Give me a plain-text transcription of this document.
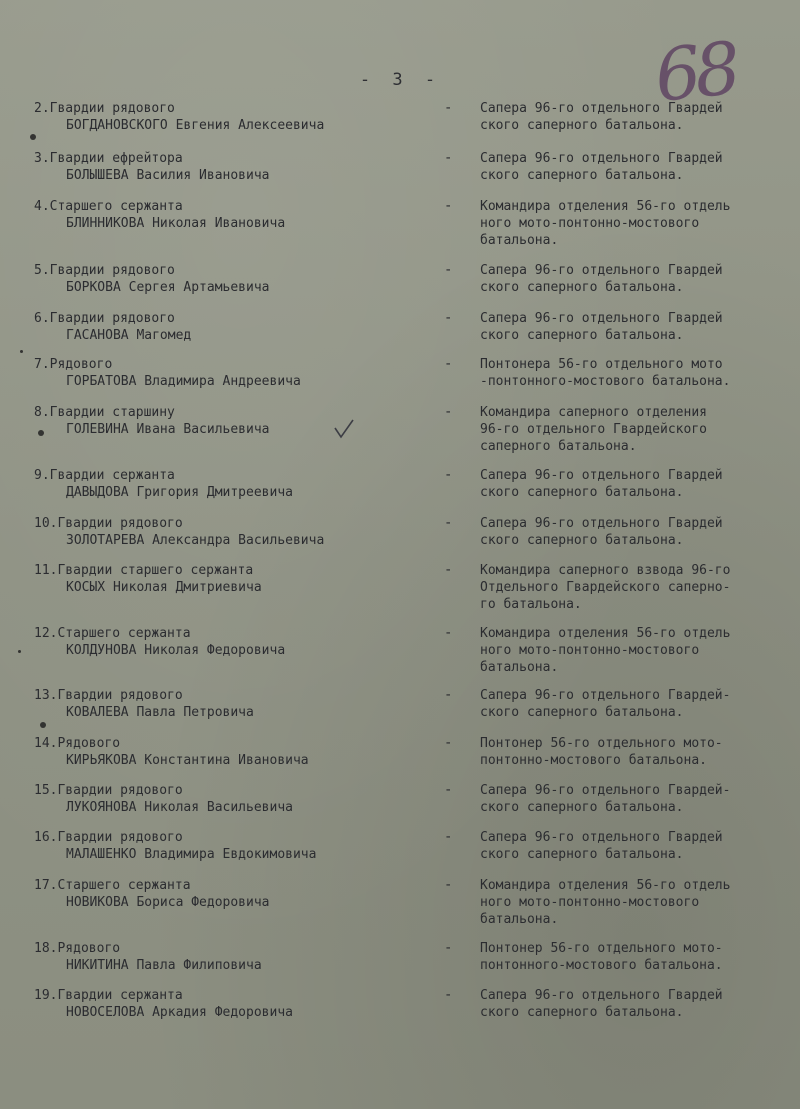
- 3 -	68
2.Гвардии рядового
БОГДАНОВСКОГО Евгения Алексеевича
- Сапера 96-го отдельного Гвардей
ского саперного батальона.
3.Гвардии ефрейтора
БОЛЫШЕВА Василия Ивановича
- Сапера 96-го отдельного Гвардей
ского саперного батальона.
4.Старшего сержанта
БЛИННИКОВА Николая Ивановича
- Командира отделения 56-го отдель
ного мото-понтонно-мостового
батальона.
5.Гвардии рядового
БОРКОВА Сергея Артамьевича
- Сапера 96-го отдельного Гвардей
ского саперного батальона.
6.Гвардии рядового
ГАСАНОВА Магомед
- Сапера 96-го отдельного Гвардей
ского саперного батальона.
7.Рядового
ГОРБАТОВА Владимира Андреевича
- Понтонера 56-го отдельного мото
-понтонного-мостового батальона.
8.Гвардии старшину
ГОЛЕВИНА Ивана Васильевича
- Командира саперного отделения
96-го отдельного Гвардейского
саперного батальона.
9.Гвардии сержанта
ДАВЫДОВА Григория Дмитреевича
- Сапера 96-го отдельного Гвардей
ского саперного батальона.
10.Гвардии рядового
ЗОЛОТАРЕВА Александра Васильевича
- Сапера 96-го отдельного Гвардей
ского саперного батальона.
11.Гвардии старшего сержанта
КОСЫХ Николая Дмитриевича
- Командира саперного взвода 96-го
Отдельного Гвардейского саперно-
го батальона.
12.Старшего сержанта
КОЛДУНОВА Николая Федоровича
- Командира отделения 56-го отдель
ного мото-понтонно-мостового
батальона.
13.Гвардии рядового
КОВАЛЕВА Павла Петровича
- Сапера 96-го отдельного Гвардей-
ского саперного батальона.
14.Рядового
КИРЬЯКОВА Константина Ивановича
- Понтонер 56-го отдельного мото-
понтонно-мостового батальона.
15.Гвардии рядового
ЛУКОЯНОВА Николая Васильевича
- Сапера 96-го отдельного Гвардей-
ского саперного батальона.
16.Гвардии рядового
МАЛАШЕНКО Владимира Евдокимовича
- Сапера 96-го отдельного Гвардей
ского саперного батальона.
17.Старшего сержанта
НОВИКОВА Бориса Федоровича
- Командира отделения 56-го отдель
ного мото-понтонно-мостового
батальона.
18.Рядового
НИКИТИНА Павла Филиповича
- Понтонер 56-го отдельного мото-
понтонного-мостового батальона.
19.Гвардии сержанта
НОВОСЕЛОВА Аркадия Федоровича
- Сапера 96-го отдельного Гвардей
ского саперного батальона.
